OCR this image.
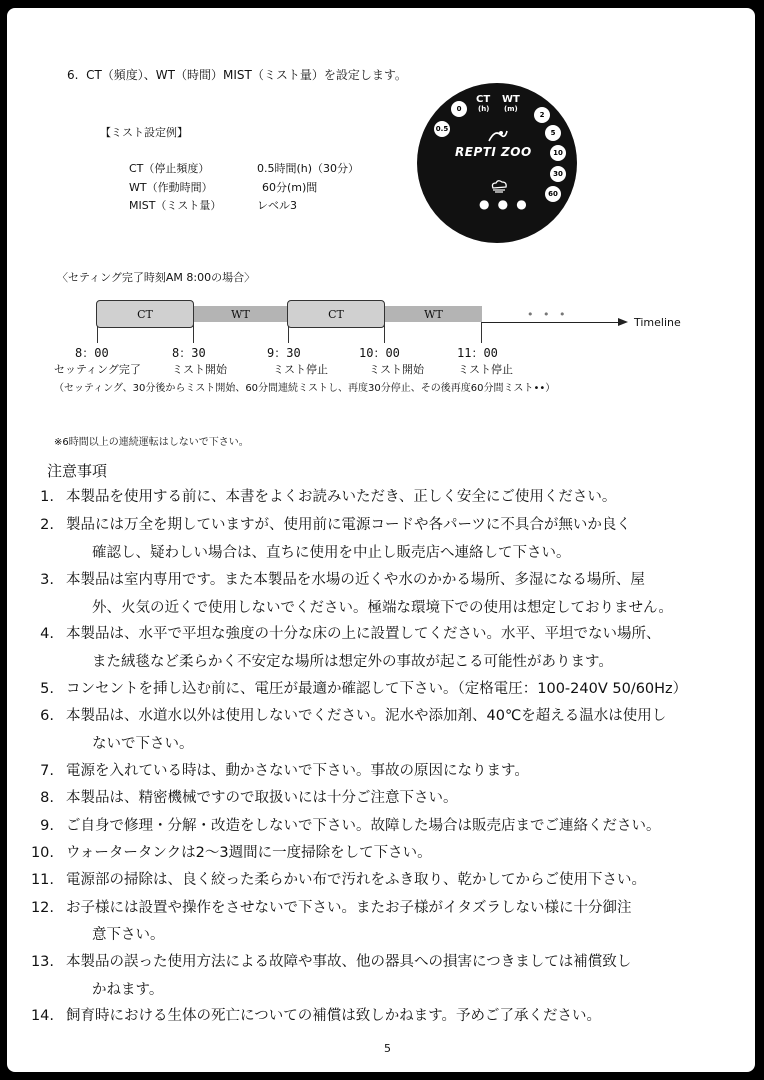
6. CT（頻度）、WT（時間）MIST（ミスト量）を設定します。
【ミスト設定例】
CT（停止頻度）	0.5時間(h)（30分）
WT（作動時間）	60分(m)間
MIST（ミスト量）	レベル3
CT
(h)
WT
(m)
0
0.5
2
5
10
30
60
REPTI ZOO
● ● ●
〈セティング完了時刻AM 8:00の場合〉
CT	WT	CT	WT	• • •
Timeline
8：00	8：30	9：30	10：00	11：00
セッティング完了	ミスト開始	ミスト停止	ミスト開始	ミスト停止
（セッティング、30分後からミスト開始、60分間連続ミストし、再度30分停止、その後再度60分間ミスト••）
※6時間以上の連続運転はしないで下さい。
注意事項
1. 本製品を使用する前に、本書をよくお読みいただき、正しく安全にご使用ください。
2. 製品には万全を期していますが、使用前に電源コードや各パーツに不具合が無いか良く
確認し、疑わしい場合は、直ちに使用を中止し販売店へ連絡して下さい。
3. 本製品は室内専用です。また本製品を水場の近くや水のかかる場所、多湿になる場所、屋
外、火気の近くで使用しないでください。極端な環境下での使用は想定しておりません。
4. 本製品は、水平で平坦な強度の十分な床の上に設置してください。水平、平坦でない場所、
また絨毯など柔らかく不安定な場所は想定外の事故が起こる可能性があります。
5. コンセントを挿し込む前に、電圧が最適か確認して下さい。（定格電圧：100-240V 50/60Hz）
6. 本製品は、水道水以外は使用しないでください。泥水や添加剤、40℃を超える温水は使用し
ないで下さい。
7. 電源を入れている時は、動かさないで下さい。事故の原因になります。
8. 本製品は、精密機械ですので取扱いには十分ご注意下さい。
9. ご自身で修理・分解・改造をしないで下さい。故障した場合は販売店までご連絡ください。
10. ウォータータンクは2〜3週間に一度掃除をして下さい。
11. 電源部の掃除は、良く絞った柔らかい布で汚れをふき取り、乾かしてからご使用下さい。
12. お子様には設置や操作をさせないで下さい。またお子様がイタズラしない様に十分御注
意下さい。
13. 本製品の誤った使用方法による故障や事故、他の器具への損害につきましては補償致し
かねます。
14. 飼育時における生体の死亡についての補償は致しかねます。予めご了承ください。
5
